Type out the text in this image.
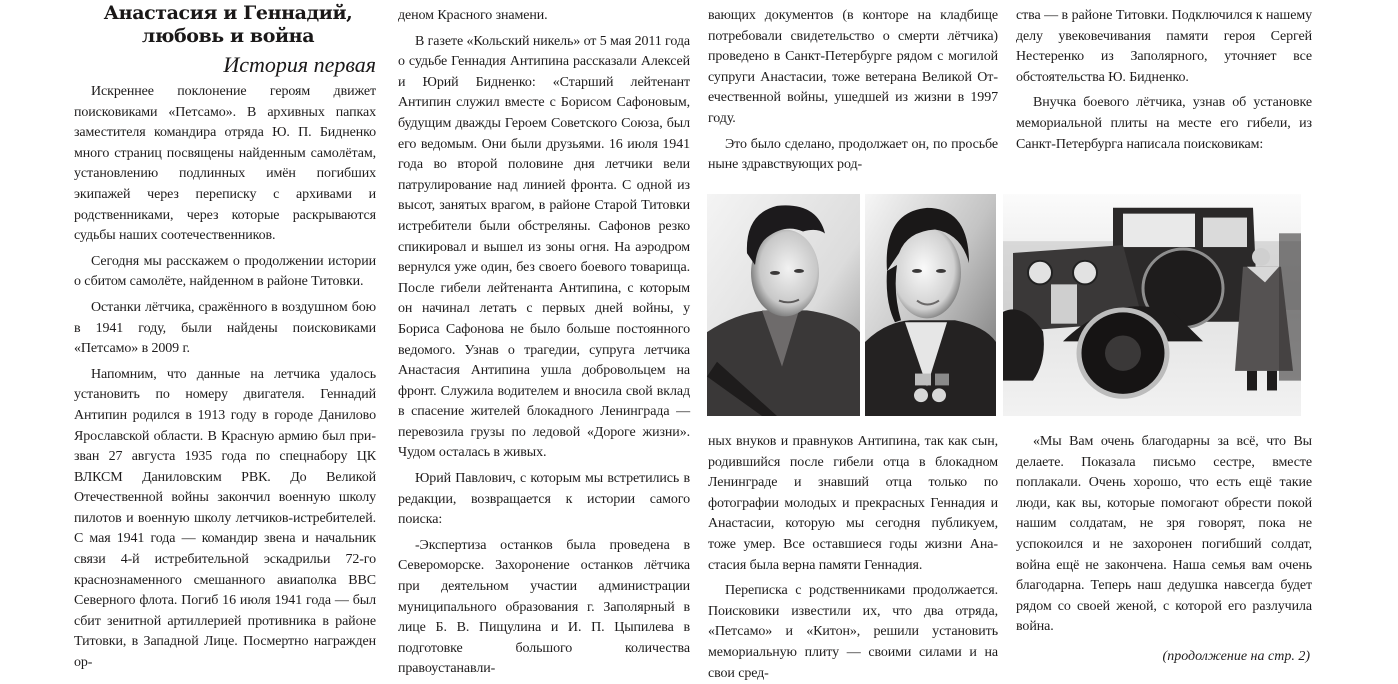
Анастасия и Геннадий, любовь и война
История первая

Искреннее поклонение героям движет поисковиками «Петсамо». В архивных папках заместителя командира отряда Ю. П. Бидненко много страниц посвящены найденным самолётам, установлению подлинных имён погибших экипажей через переписку с архивами и родственниками, через которые раскрываются судьбы наших соотечественников.

Сегодня мы расскажем о продолжении истории о сбитом самолёте, найденном в районе Титовки.

Останки лётчика, сражённого в воздушном бою в 1941 году, были найдены поисковиками «Петсамо» в 2009 г.

Напомним, что данные на летчика удалось установить по номеру двигателя. Геннадий Антипин родился в 1913 году в городе Данилово Ярославской области. В Красную армию был призван 27 августа 1935 года по спецнабору ЦК ВЛКСМ Даниловским РВК. До Великой Отечественной войны закончил военную школу пилотов и военную школу летчиков-истребителей. С мая 1941 года — командир звена и начальник связи 4-й истребительной эскадрильи 72-го краснознаменного смешанного авиаполка ВВС Северного флота. Погиб 16 июля 1941 года — был сбит зенитной артиллерией противника в районе Титовки, в Западной Лице. Посмертно награжден ор-

деном Красного знамени.

В газете «Кольский никель» от 5 мая 2011 года о судьбе Геннадия Антипина рассказали Алексей и Юрий Бидненко: «Старший лейтенант Антипин служил вместе с Борисом Сафоновым, будущим дважды Героем Советского Союза, был его ведомым. Они были друзьями. 16 июля 1941 года во второй половине дня летчики вели патрулирование над линией фронта. С одной из высот, занятых врагом, в районе Старой Титовки истребители были обстреляны. Сафонов резко спикировал и вышел из зоны огня. На аэродром вернулся уже один, без своего боевого товарища. После гибели лейтенанта Антипина, с которым он начинал летать с первых дней войны, у Бориса Сафонова не было больше постоянного ведомого. Узнав о трагедии, супруга летчика Анастасия Антипина ушла добровольцем на фронт. Служила водителем и вносила свой вклад в спасение жителей блокадного Ленинграда — перевозила грузы по ледовой «Дороге жизни». Чудом осталась в живых.

Юрий Павлович, с которым мы встретились в редакции, возвращается к истории самого поиска:

-Экспертиза останков была проведена в Североморске. Захоронение останков лётчика при деятельном участии администрации муниципального образования г. Заполярный в лице Б. В. Пищулина и И. П. Цыпилева в подготовке большого количества правоустанавли-

вающих документов (в конторе на кладбище потребовали свидетельство о смерти лётчика) проведено в Санкт-Петербурге рядом с могилой супруги Анастасии, тоже ветерана Великой Отечественной войны, ушедшей из жизни в 1997 году.

Это было сделано, продолжает он, по просьбе ныне здравствующих род-

ства — в районе Титовки. Подключился к нашему делу увековечивания памяти героя Сергей Нестеренко из Заполярного, уточняет все обстоятельства Ю. Бидненко.

Внучка боевого лётчика, узнав об установке мемориальной плиты на месте его гибели, из Санкт-Петербурга написала поисковикам:

ных внуков и правнуков Антипина, так как сын, родившийся после гибели отца в блокадном Ленинграде и знавший отца только по фотографии молодых и прекрасных Геннадия и Анастасии, которую мы сегодня публикуем, тоже умер. Все оставшиеся годы жизни Анастасия была верна памяти Геннадия.

Переписка с родственниками продолжается. Поисковики известили их, что два отряда, «Петсамо» и «Китон», решили установить мемориальную плиту — своими силами и на свои сред-

«Мы Вам очень благодарны за всё, что Вы делаете. Показала письмо сестре, вместе поплакали. Очень хорошо, что есть ещё такие люди, как вы, которые помогают обрести покой нашим солдатам, не зря говорят, пока не успокоился и не захоронен погибший солдат, война ещё не закончена. Наша семья вам очень благодарна. Теперь наш дедушка навсегда будет рядом со своей женой, с которой его разлучила война.

(продолжение на стр. 2)
